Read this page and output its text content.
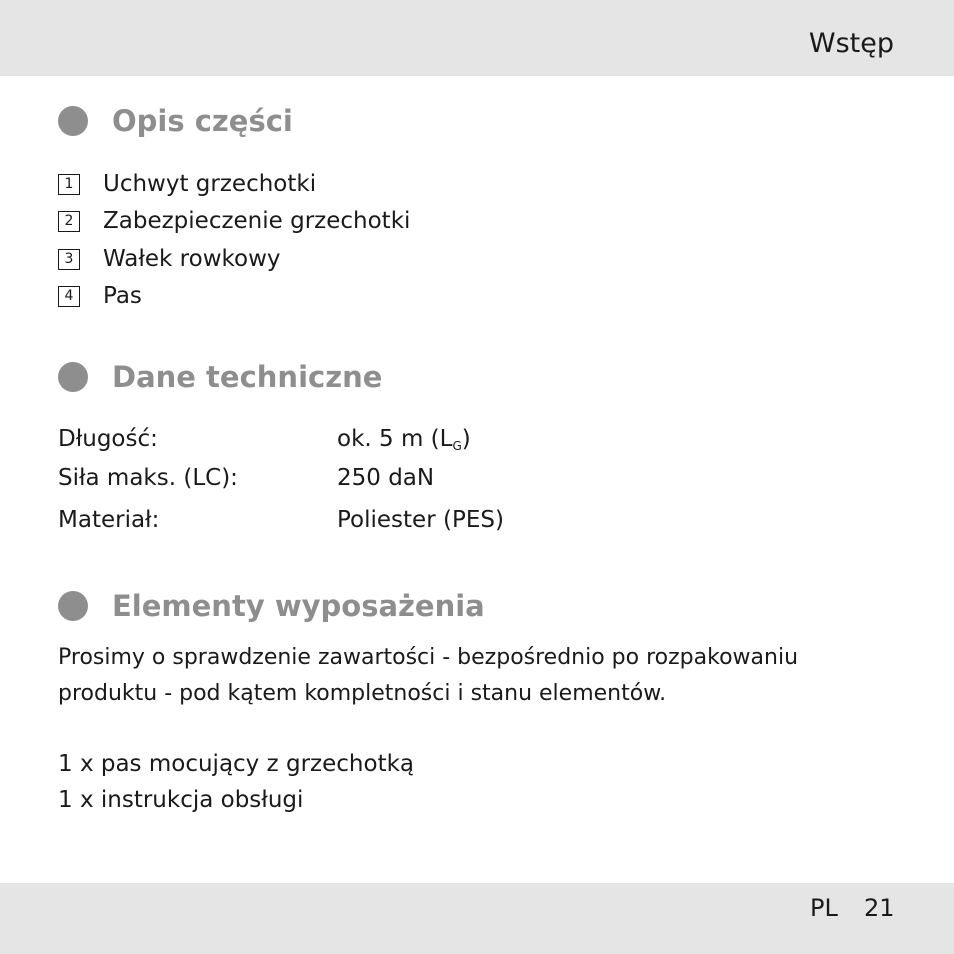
Wstęp
Opis części
1 Uchwyt grzechotki
2 Zabezpieczenie grzechotki
3 Wałek rowkowy
4 Pas
Dane techniczne
Długość:	ok. 5 m $(L_G)$
Siła maks. (LC):	250 daN
Materiał:	Poliester (PES)
Elementy wyposażenia
Prosimy o sprawdzenie zawartości - bezpośrednio po rozpakowaniu produktu - pod kątem kompletności i stanu elementów.
1 x pas mocujący z grzechotką
1 x instrukcja obsługi
PL 21
